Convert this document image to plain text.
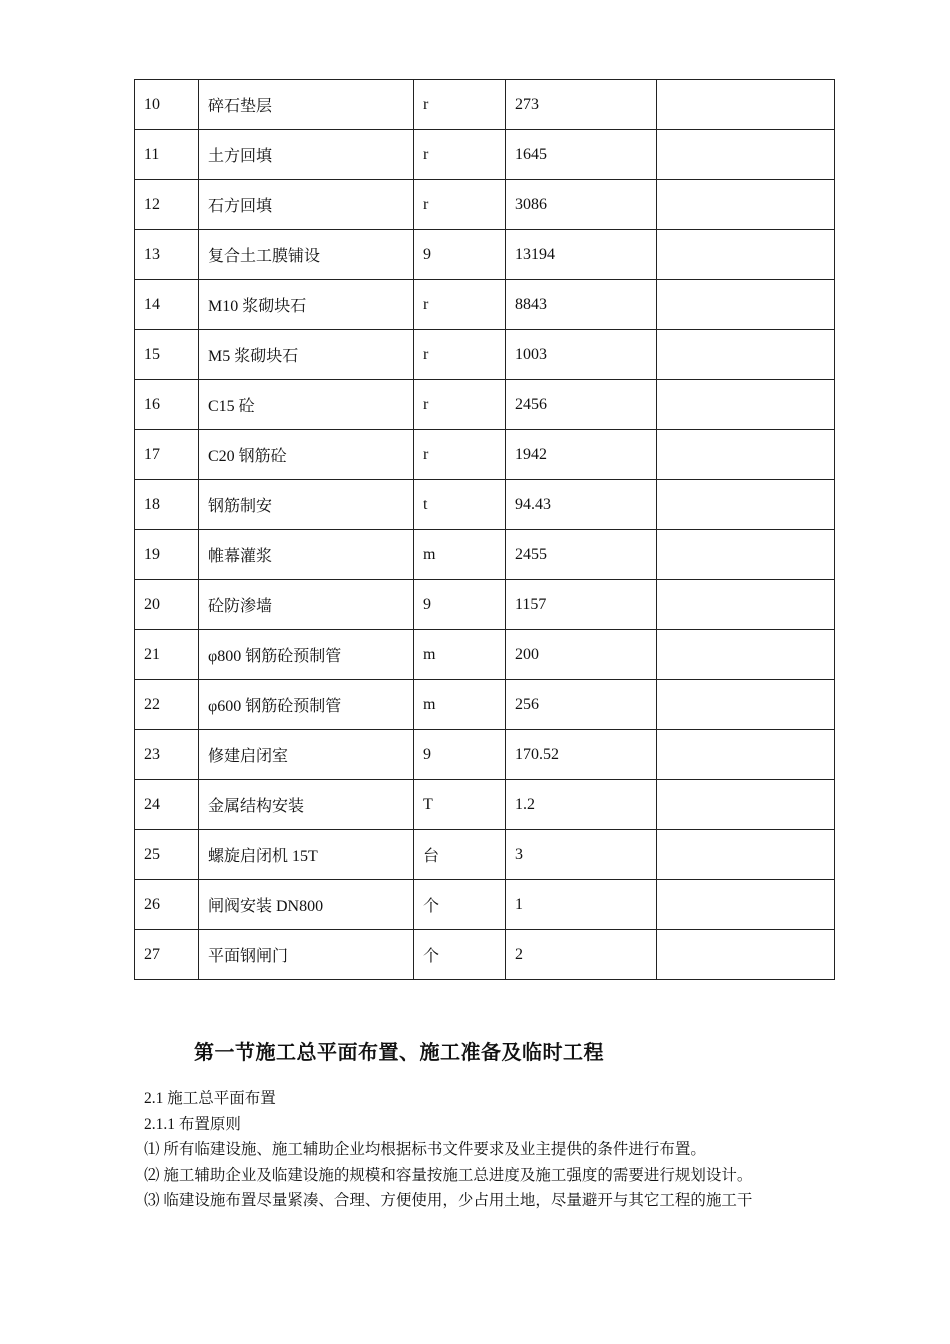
10	碎石垫层	r	273	
11	土方回填	r	1645	
12	石方回填	r	3086	
13	复合土工膜铺设	9	13194	
14	M10 浆砌块石	r	8843	
15	M5 浆砌块石	r	1003	
16	C15 砼	r	2456	
17	C20 钢筋砼	r	1942	
18	钢筋制安	t	94.43	
19	帷幕灌浆	m	2455	
20	砼防渗墙	9	1157	
21	φ800 钢筋砼预制管	m	200	
22	φ600 钢筋砼预制管	m	256	
23	修建启闭室	9	170.52	
24	金属结构安装	T	1.2	
25	螺旋启闭机 15T	台	3	
26	闸阀安装 DN800	个	1	
27	平面钢闸门	个	2	
第一节施工总平面布置、施工准备及临时工程

2.1 施工总平面布置

2.1.1 布置原则

⑴ 所有临建设施、施工辅助企业均根据标书文件要求及业主提供的条件进行布置。

⑵ 施工辅助企业及临建设施的规模和容量按施工总进度及施工强度的需要进行规划设计。

⑶ 临建设施布置尽量紧凑、合理、方便使用，少占用土地，尽量避开与其它工程的施工干
